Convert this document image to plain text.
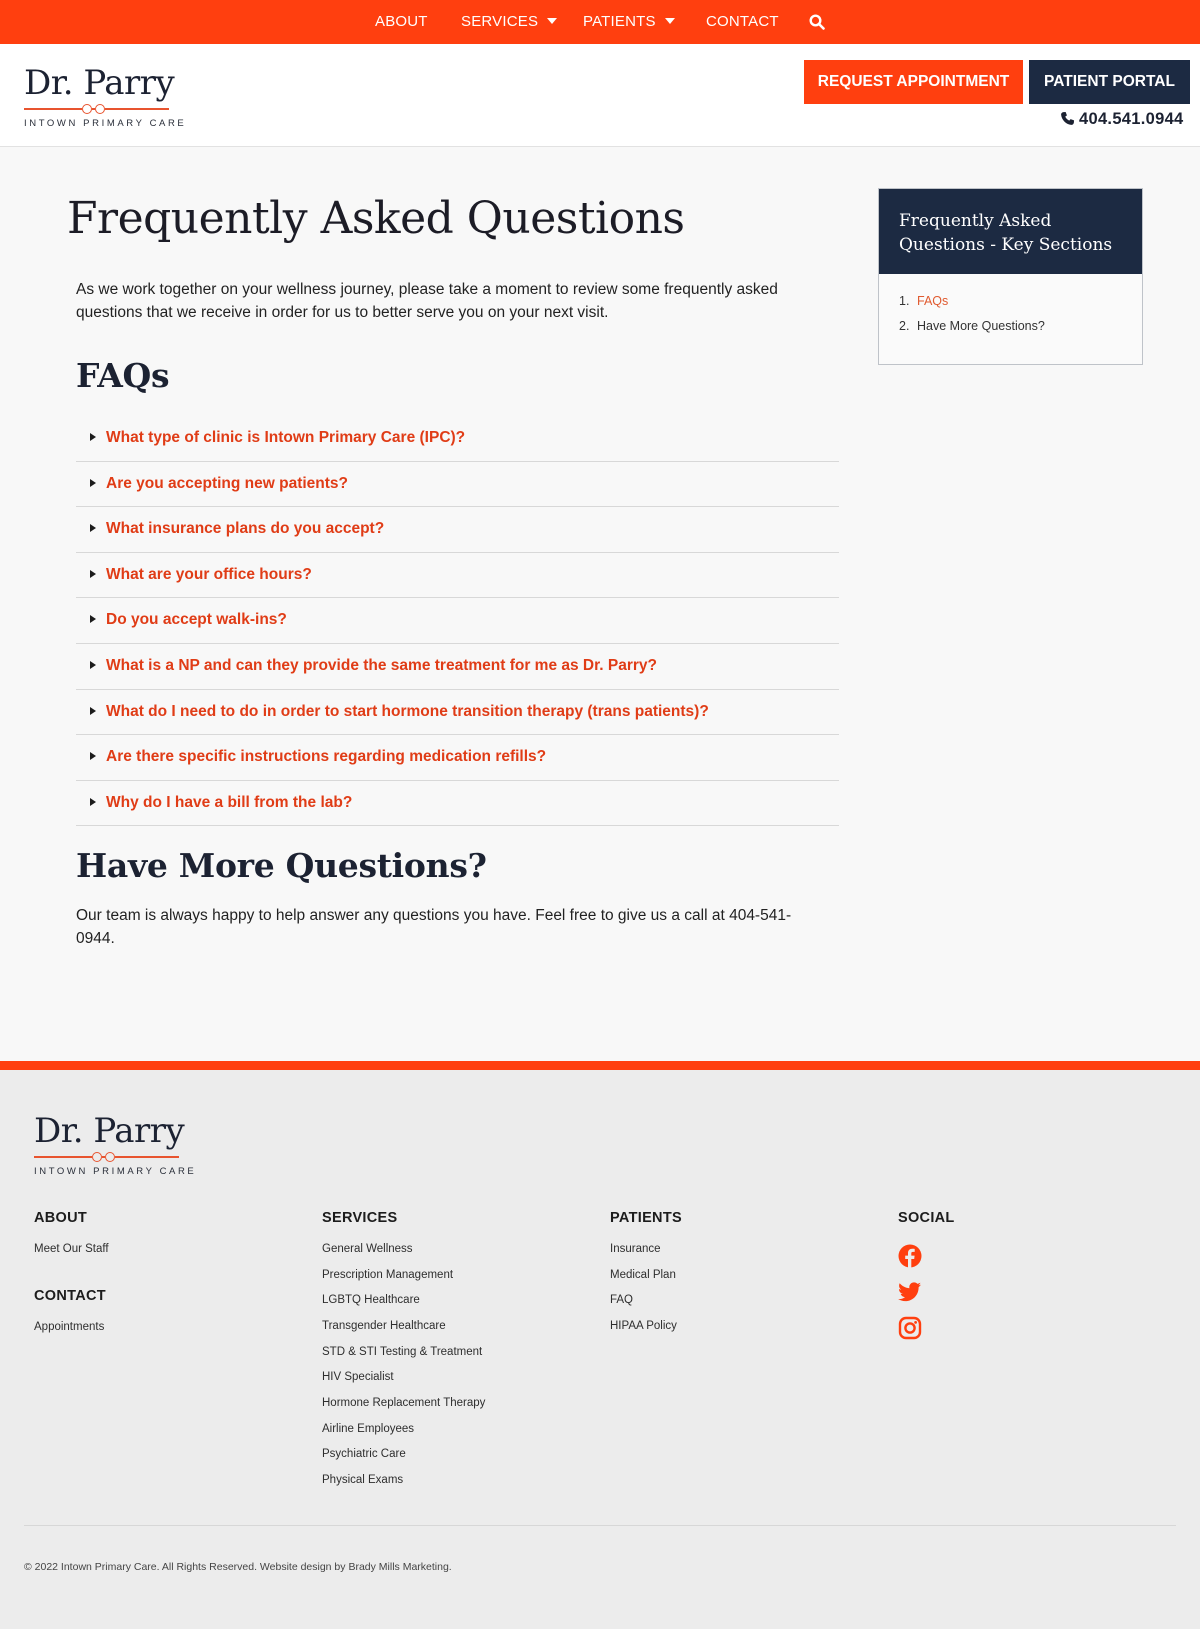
ABOUT SERVICES	PATIENTS	CONTACT
Dr. Parry
INTOWN PRIMARY CARE
REQUEST APPOINTMENT	PATIENT PORTAL
404.541.0944
Frequently Asked Questions

As we work together on your wellness journey, please take a moment to review some frequently asked questions that we receive in order for us to better serve you on your next visit.

FAQs
What type of clinic is Intown Primary Care (IPC)?
Are you accepting new patients?
What insurance plans do you accept?
What are your office hours?
Do you accept walk-ins?
What is a NP and can they provide the same treatment for me as Dr. Parry?
What do I need to do in order to start hormone transition therapy (trans patients)?
Are there specific instructions regarding medication refills?
Why do I have a bill from the lab?
Have More Questions?

Our team is always happy to help answer any questions you have. Feel free to give us a call at 404-541-0944.

Frequently Asked Questions - Key Sections
1. FAQs
2. Have More Questions?
Dr. Parry
INTOWN PRIMARY CARE
ABOUT
Meet Our Staff
CONTACT
Appointments
SERVICES
General Wellness
Prescription Management
LGBTQ Healthcare
Transgender Healthcare
STD & STI Testing & Treatment
HIV Specialist
Hormone Replacement Therapy
Airline Employees
Psychiatric Care
Physical Exams
PATIENTS
Insurance
Medical Plan
FAQ
HIPAA Policy
SOCIAL
© 2022 Intown Primary Care. All Rights Reserved. Website design by Brady Mills Marketing.
